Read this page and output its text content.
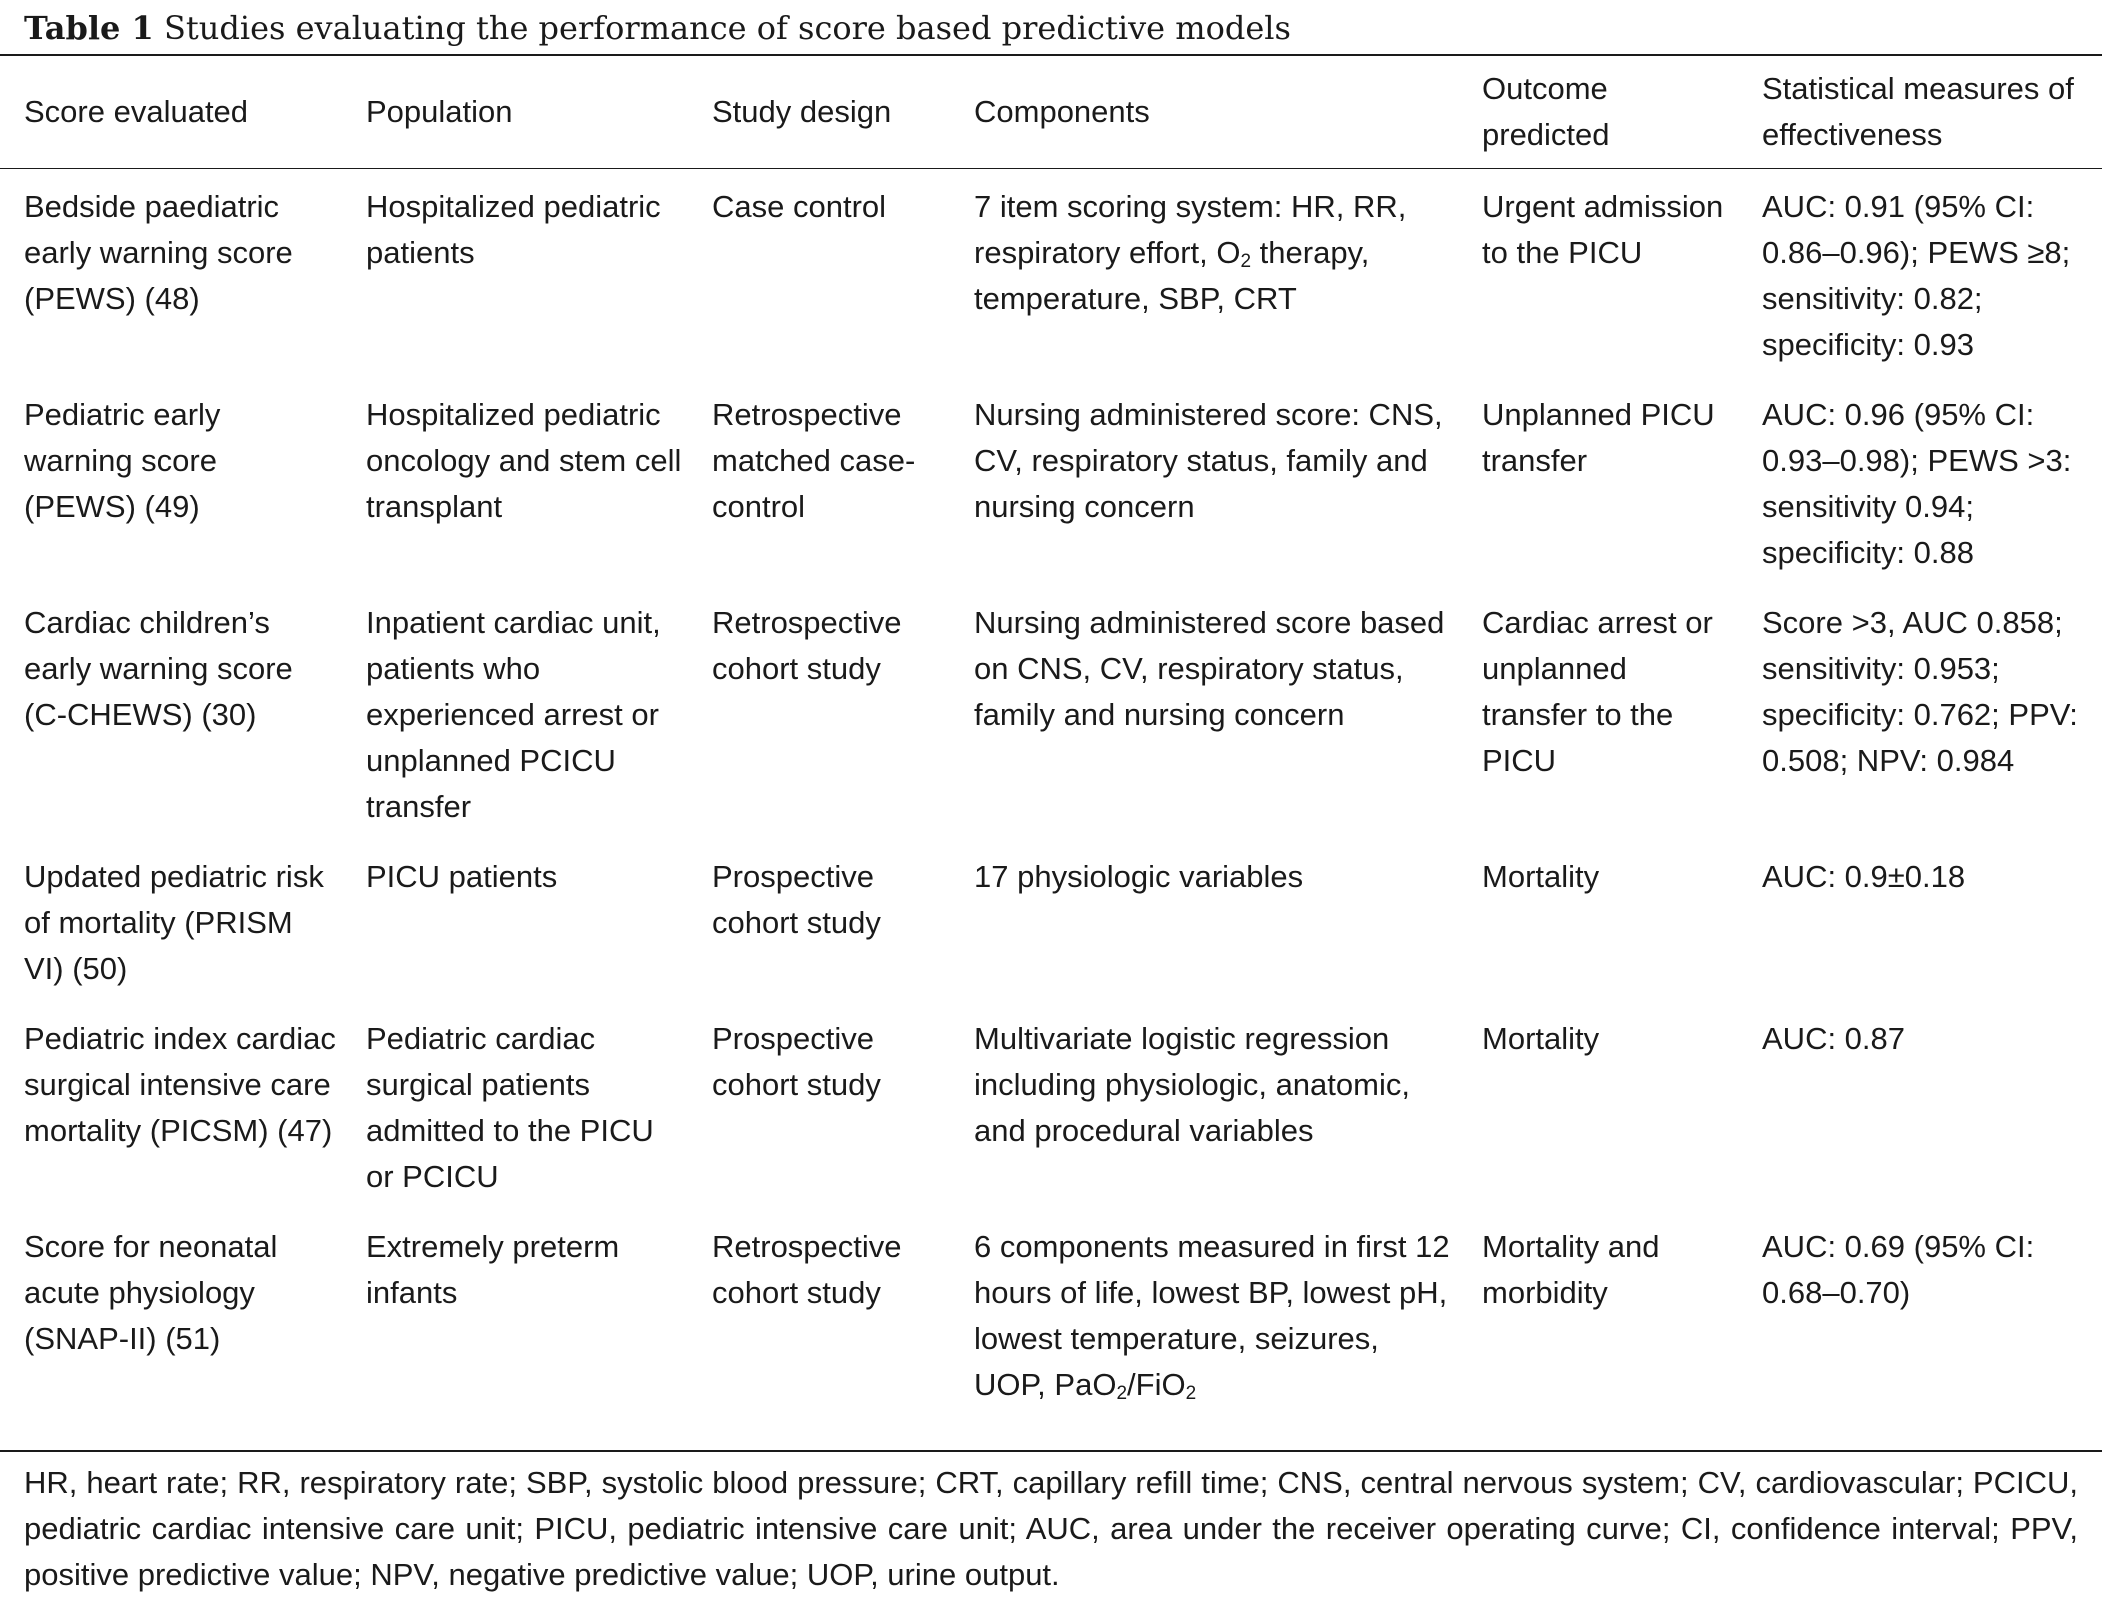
Table 1 Studies evaluating the performance of score based predictive models
Score evaluated	Population	Study design	Components	Outcome predicted	Statistical measures of effectiveness
Bedside paediatric early warning score (PEWS) (48)	Hospitalized pediatric patients	Case control	7 item scoring system: HR, RR, respiratory effort, $O_2$ therapy, temperature, SBP, CRT	Urgent admission to the PICU	AUC: 0.91 (95% CI: 0.86–0.96); PEWS ≥8; sensitivity: 0.82; specificity: 0.93
Pediatric early warning score (PEWS) (49)	Hospitalized pediatric oncology and stem cell transplant	Retrospective matched case-control	Nursing administered score: CNS, CV, respiratory status, family and nursing concern	Unplanned PICU transfer	AUC: 0.96 (95% CI: 0.93–0.98); PEWS >3: sensitivity 0.94; specificity: 0.88
Cardiac children’s early warning score (C-CHEWS) (30)	Inpatient cardiac unit, patients who experienced arrest or unplanned PCICU transfer	Retrospective cohort study	Nursing administered score based on CNS, CV, respiratory status, family and nursing concern	Cardiac arrest or unplanned transfer to the PICU	Score >3, AUC 0.858; sensitivity: 0.953; specificity: 0.762; PPV: 0.508; NPV: 0.984
Updated pediatric risk of mortality (PRISM VI) (50)	PICU patients	Prospective cohort study	17 physiologic variables	Mortality	AUC: 0.9±0.18
Pediatric index cardiac surgical intensive care mortality (PICSM) (47)	Pediatric cardiac surgical patients admitted to the PICU or PCICU	Prospective cohort study	Multivariate logistic regression including physiologic, anatomic, and procedural variables	Mortality	AUC: 0.87
Score for neonatal acute physiology (SNAP-II) (51)	Extremely preterm infants	Retrospective cohort study	6 components measured in first 12 hours of life, lowest BP, lowest pH, lowest temperature, seizures, UOP, PaO$_2$/FiO$_2$	Mortality and morbidity	AUC: 0.69 (95% CI: 0.68–0.70)
HR, heart rate; RR, respiratory rate; SBP, systolic blood pressure; CRT, capillary refill time; CNS, central nervous system; CV, cardiovascular; PCICU, pediatric cardiac intensive care unit; PICU, pediatric intensive care unit; AUC, area under the receiver operating curve; CI, confidence interval; PPV, positive predictive value; NPV, negative predictive value; UOP, urine output.
